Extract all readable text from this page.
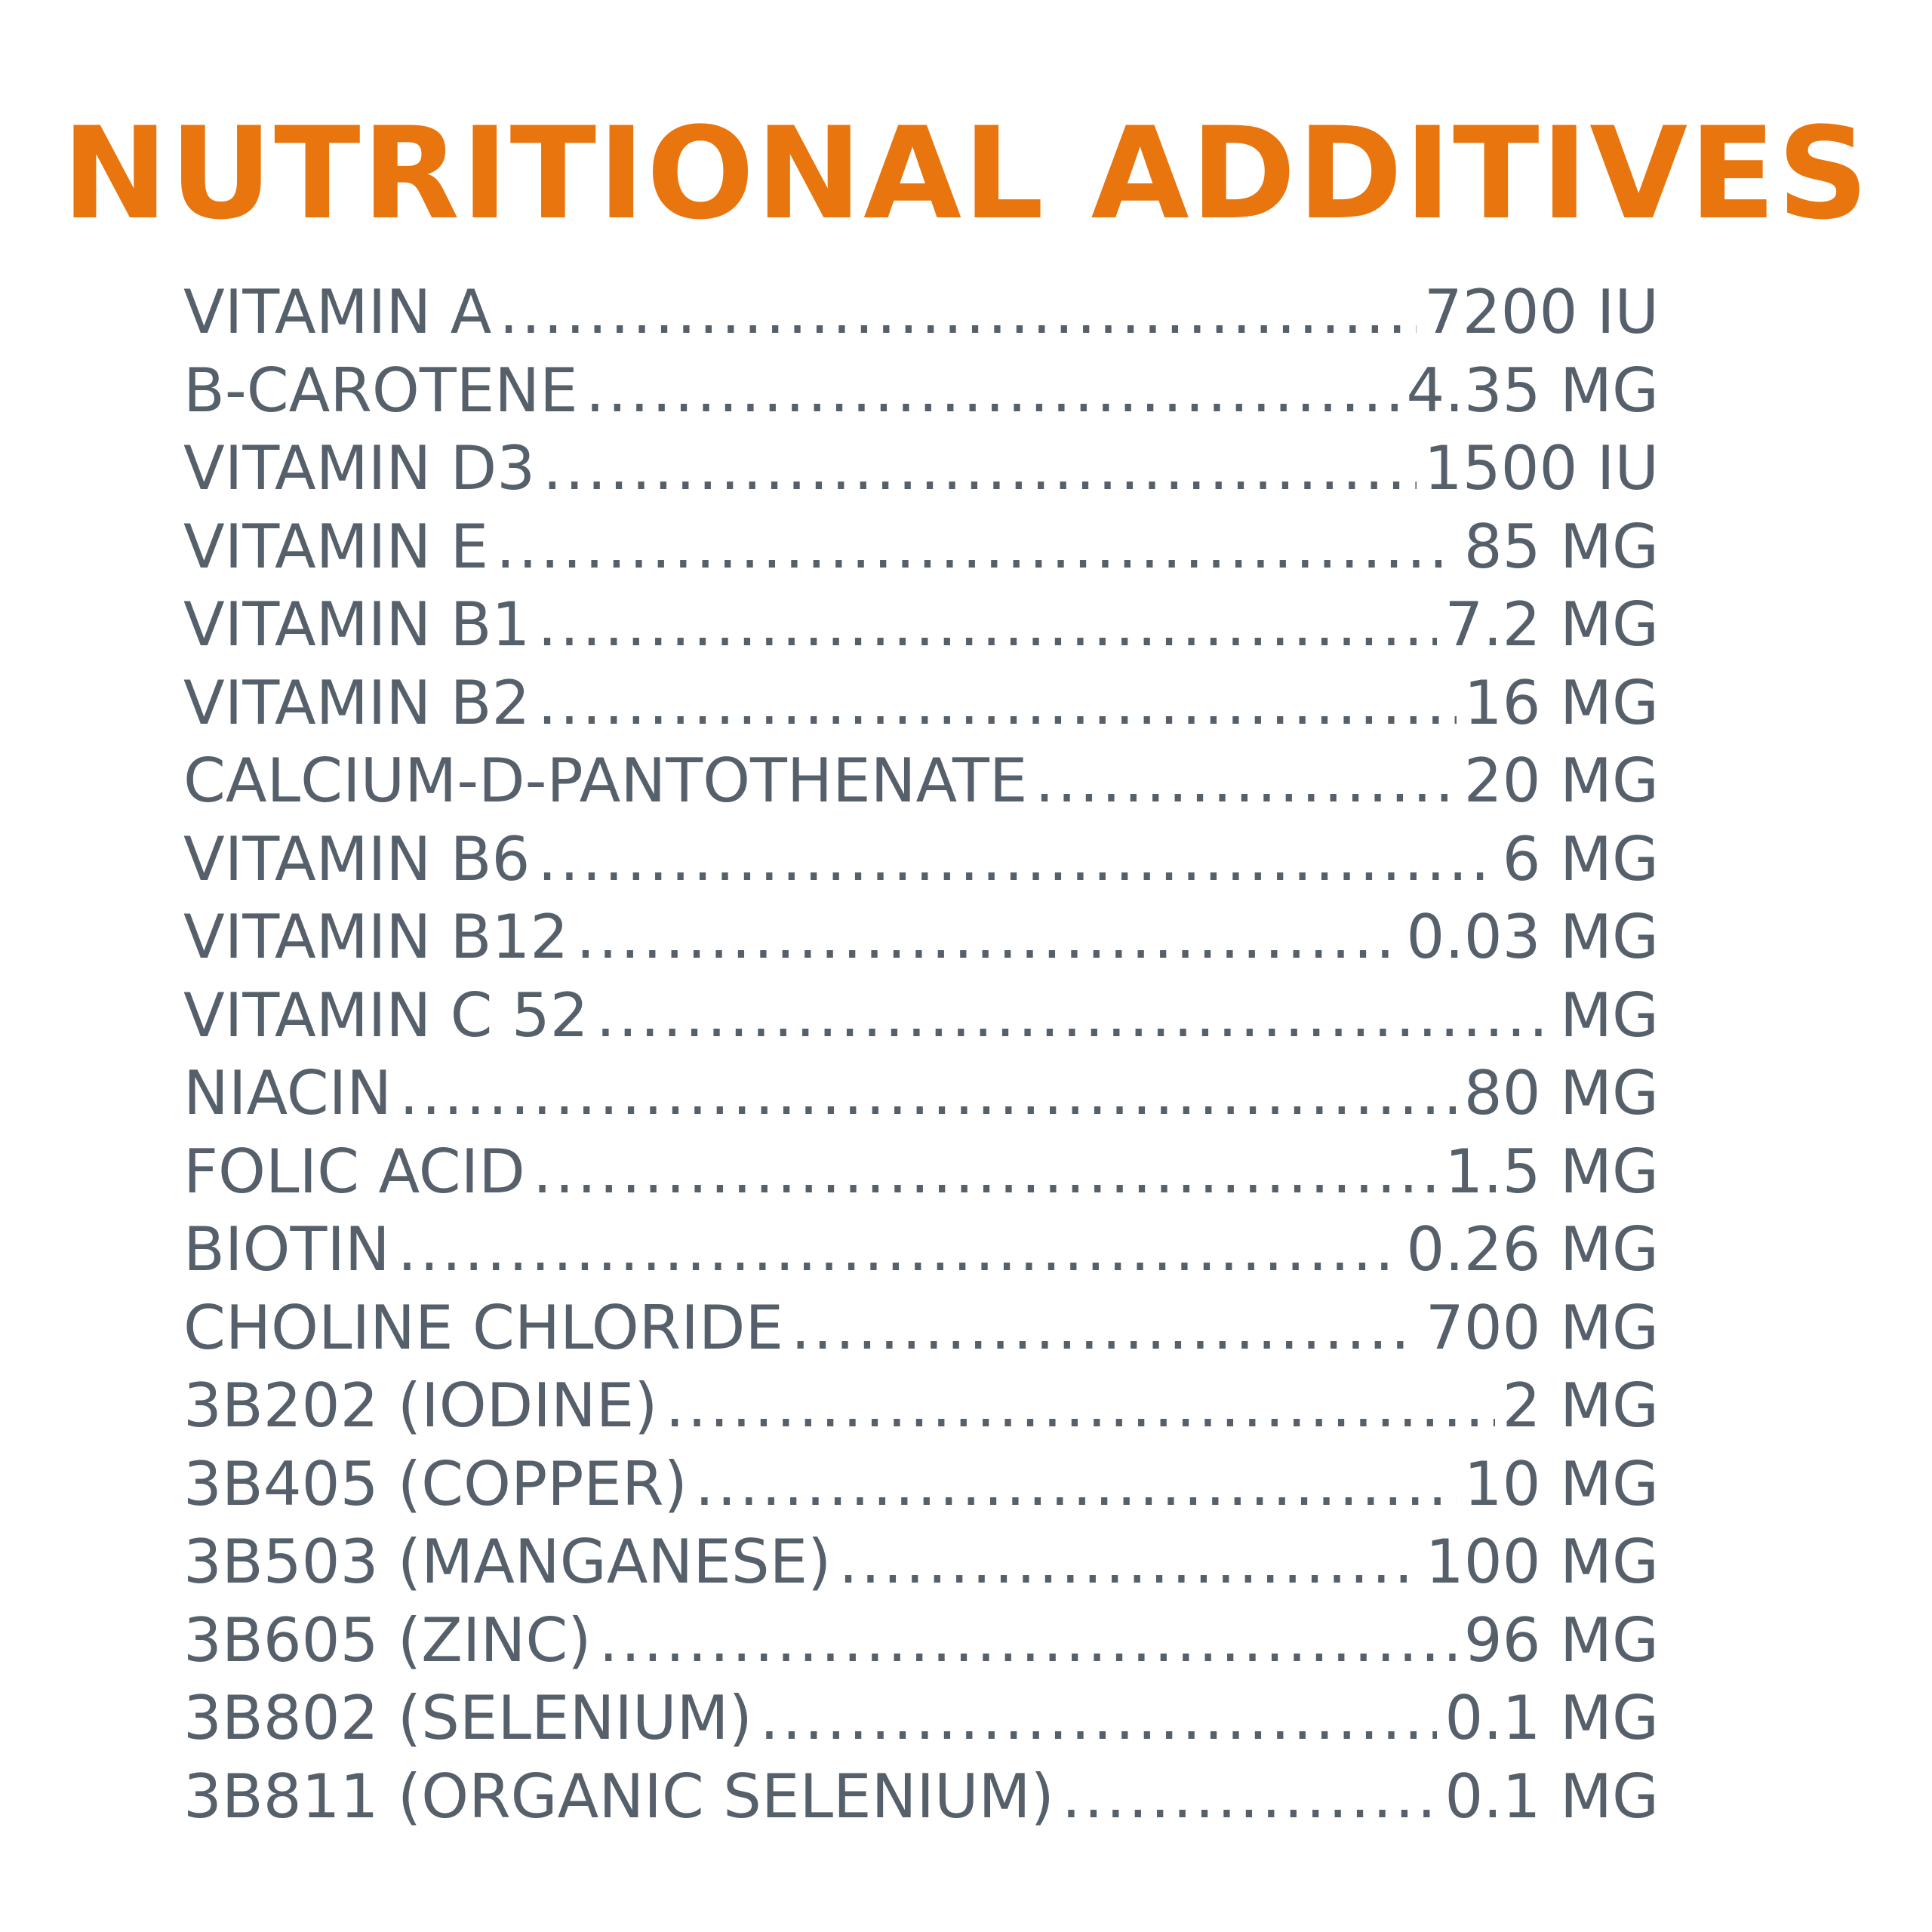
NUTRITIONAL ADDITIVES
VITAMIN A .....	7200 IU
B-CAROTENE .....	4.35 MG
VITAMIN D3 .....	1500 IU
VITAMIN E .....	85 MG
VITAMIN B1 .....	7.2 MG
VITAMIN B2 .....	16 MG
CALCIUM-D-PANTOTHENATE .....	20 MG
VITAMIN B6 .....	6 MG
VITAMIN B12 .....	0.03 MG
VITAMIN C 52 .....	MG
NIACIN .....	80 MG
FOLIC ACID .....	1.5 MG
BIOTIN .....	0.26 MG
CHOLINE CHLORIDE .....	700 MG
3B202 (IODINE) .....	2 MG
3B405 (COPPER) .....	10 MG
3B503 (MANGANESE) .....	100 MG
3B605 (ZINC) .....	96 MG
3B802 (SELENIUM) .....	0.1 MG
3B811 (ORGANIC SELENIUM) .....	0.1 MG
